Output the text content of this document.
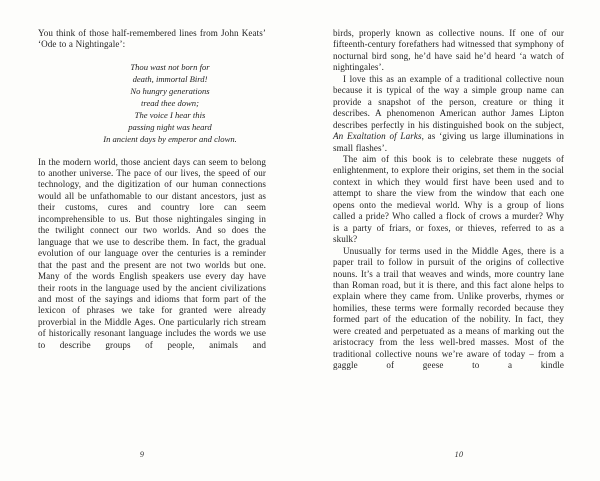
You think of those half-remembered lines from John Keats’ ‘Ode to a Nightingale’:

Thou wast not born for
death, immortal Bird!
No hungry generations
tread thee down;
The voice I hear this
passing night was heard
In ancient days by emperor and clown.

In the modern world, those ancient days can seem to belong to another universe. The pace of our lives, the speed of our technology, and the digitization of our human connections would all be unfathomable to our distant ancestors, just as their customs, cures and country lore can seem incomprehensible to us. But those nightingales singing in the twilight connect our two worlds. And so does the language that we use to describe them. In fact, the gradual evolution of our language over the centuries is a reminder that the past and the present are not two worlds but one. Many of the words English speakers use every day have their roots in the language used by the ancient civilizations and most of the sayings and idioms that form part of the lexicon of phrases we take for granted were already proverbial in the Middle Ages. One particularly rich stream of historically resonant language includes the words we use to describe groups of people, animals and

9

birds, properly known as collective nouns. If one of our fifteenth-century forefathers had witnessed that symphony of nocturnal bird song, he’d have said he’d heard ‘a watch of nightingales’.

I love this as an example of a traditional collective noun because it is typical of the way a simple group name can provide a snapshot of the person, creature or thing it describes. A phenomenon American author James Lipton describes perfectly in his distinguished book on the subject, An Exaltation of Larks, as ‘giving us large illuminations in small flashes’.

The aim of this book is to celebrate these nuggets of enlightenment, to explore their origins, set them in the social context in which they would first have been used and to attempt to share the view from the window that each one opens onto the medieval world. Why is a group of lions called a pride? Who called a flock of crows a murder? Why is a party of friars, or foxes, or thieves, referred to as a skulk?

Unusually for terms used in the Middle Ages, there is a paper trail to follow in pursuit of the origins of collective nouns. It’s a trail that weaves and winds, more country lane than Roman road, but it is there, and this fact alone helps to explain where they came from. Unlike proverbs, rhymes or homilies, these terms were formally recorded because they formed part of the education of the nobility. In fact, they were created and perpetuated as a means of marking out the aristocracy from the less well-bred masses. Most of the traditional collective nouns we’re aware of today – from a gaggle of geese to a kindle

10
